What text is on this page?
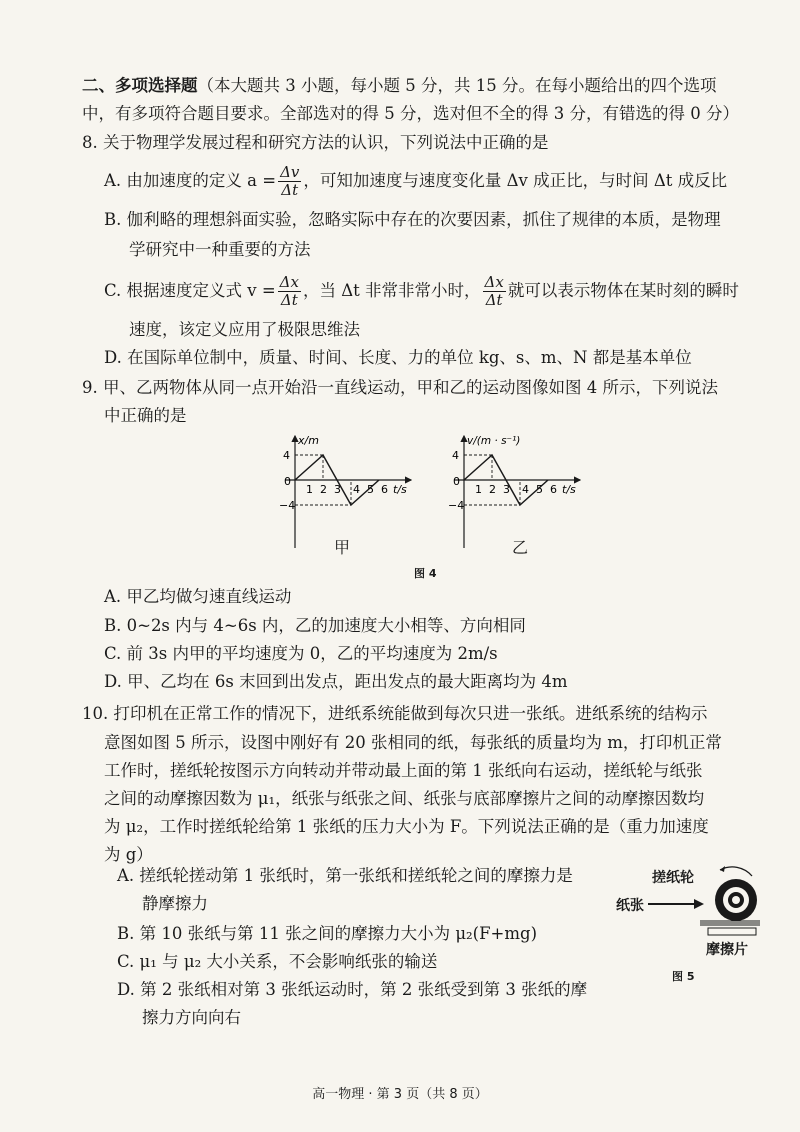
二、多项选择题（本大题共 3 小题，每小题 5 分，共 15 分。在每小题给出的四个选项
中，有多项符合题目要求。全部选对的得 5 分，选对但不全的得 3 分，有错选的得 0 分）
8. 关于物理学发展过程和研究方法的认识，下列说法中正确的是
A. 由加速度的定义 $a = \frac{\Delta v}{\Delta t}$ ，可知加速度与速度变化量 Δv 成正比，与时间 Δt 成反比
B. 伽利略的理想斜面实验，忽略实际中存在的次要因素，抓住了规律的本质，是物理
学研究中一种重要的方法
C. 根据速度定义式 $v = \frac{\Delta x}{\Delta t}$ ，当 Δt 非常非常小时， $\frac{\Delta x}{\Delta t}$ 就可以表示物体在某时刻的瞬时
速度，该定义应用了极限思维法
D. 在国际单位制中，质量、时间、长度、力的单位 kg、s、m、N 都是基本单位
9. 甲、乙两物体从同一点开始沿一直线运动，甲和乙的运动图像如图 4 所示，下列说法
中正确的是
x/m
4
−4
0
1 2 3 4 5 6 t/s
甲
v/(m · s⁻¹)
4
−4
0
1 2 3 4 5 6 t/s
乙
图 4
A. 甲乙均做匀速直线运动
B. 0~2s 内与 4~6s 内，乙的加速度大小相等、方向相同
C. 前 3s 内甲的平均速度为 0，乙的平均速度为 2m/s
D. 甲、乙均在 6s 末回到出发点，距出发点的最大距离均为 4m
10. 打印机在正常工作的情况下，进纸系统能做到每次只进一张纸。进纸系统的结构示
意图如图 5 所示，设图中刚好有 20 张相同的纸，每张纸的质量均为 m，打印机正常
工作时，搓纸轮按图示方向转动并带动最上面的第 1 张纸向右运动，搓纸轮与纸张
之间的动摩擦因数为 μ₁，纸张与纸张之间、纸张与底部摩擦片之间的动摩擦因数均
为 μ₂，工作时搓纸轮给第 1 张纸的压力大小为 F。下列说法正确的是（重力加速度
为 g）
A. 搓纸轮搓动第 1 张纸时，第一张纸和搓纸轮之间的摩擦力是
静摩擦力
B. 第 10 张纸与第 11 张之间的摩擦力大小为 μ₂(F+mg)
C. μ₁ 与 μ₂ 大小关系，不会影响纸张的输送
D. 第 2 张纸相对第 3 张纸运动时，第 2 张纸受到第 3 张纸的摩
擦力方向向右
搓纸轮
纸张
摩擦片
图 5
高一物理 · 第 3 页（共 8 页）
